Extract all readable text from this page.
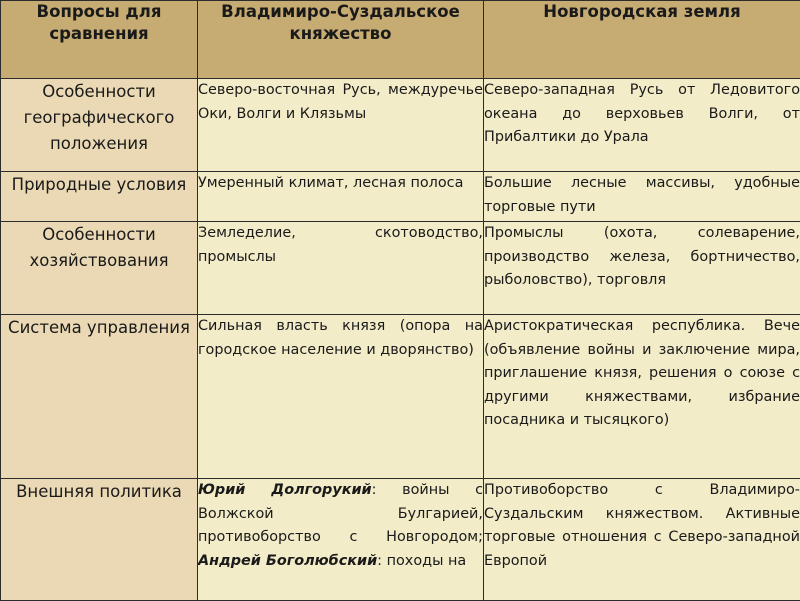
Вопросы для сравнения	Владимиро-Суздальское княжество	Новгородская земля
Особенности географического положения	Северо-восточная Русь, междуречье Оки, Волги и Клязьмы	Северо-западная Русь от Ледовитого океана до верховьев Волги, от Прибалтики до Урала
Природные условия	Умеренный климат, лесная полоса	Большие лесные массивы, удобные торговые пути
Особенности хозяйствования	Земледелие, скотоводство, промыслы	Промыслы (охота, солеварение, производство железа, бортничество, рыболовство), торговля
Система управления	Сильная власть князя (опора на городское население и дворянство)	Аристократическая республика. Вече (объявление войны и заключение мира, приглашение князя, решения о союзе с другими княжествами, избрание посадника и тысяцкого)
Внешняя политика	Юрий Долгорукий: войны с Волжской Булгарией, противоборство с Новгородом; Андрей Боголюбский: походы на	Противоборство с Владимиро-Суздальским княжеством. Активные торговые отношения с Северо-западной Европой
